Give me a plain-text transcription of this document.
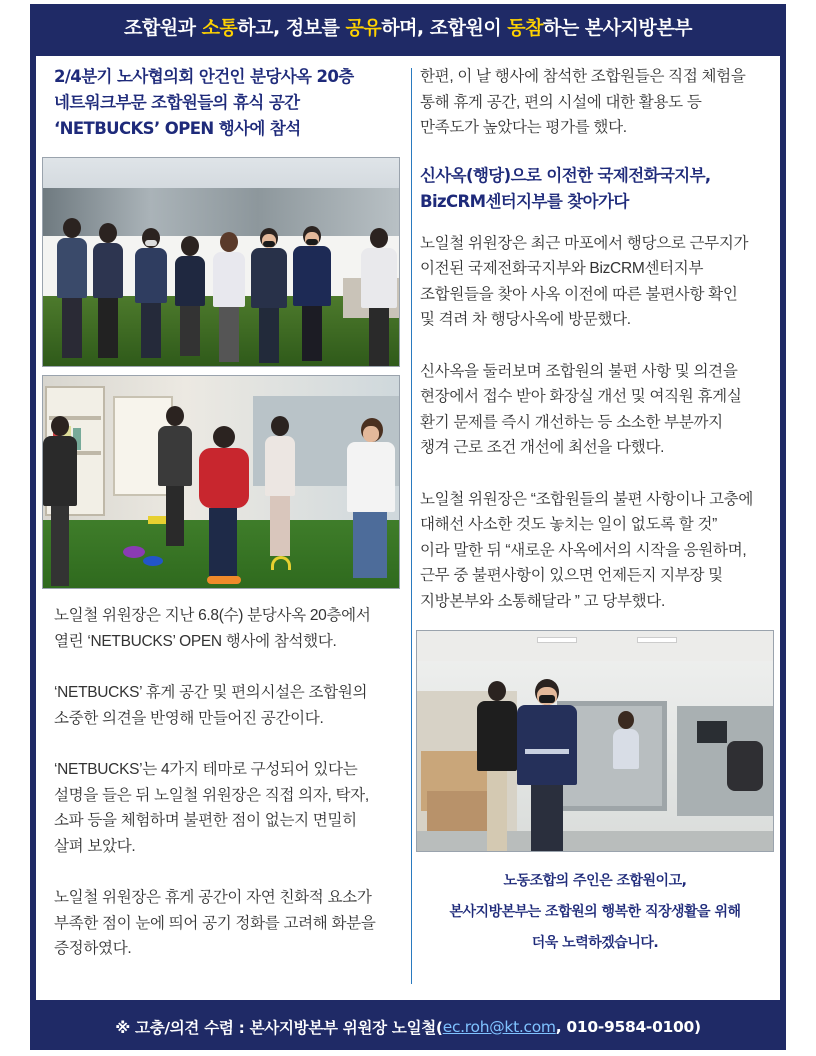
조합원과 소통하고, 정보를 공유하며, 조합원이 동참하는 본사지방본부
2/4분기 노사협의회 안건인 분당사옥 20층
네트워크부문 조합원들의 휴식 공간
‘NETBUCKS’ OPEN 행사에 참석
노일철 위원장은 지난 6.8(수) 분당사옥 20층에서
열린 ‘NETBUCKS’ OPEN 행사에 참석했다.
‘NETBUCKS’ 휴게 공간 및 편의시설은 조합원의
소중한 의견을 반영해 만들어진 공간이다.
‘NETBUCKS’는 4가지 테마로 구성되어 있다는
설명을 들은 뒤 노일철 위원장은 직접 의자, 탁자,
소파 등을 체험하며 불편한 점이 없는지 면밀히
살펴 보았다.
노일철 위원장은 휴게 공간이 자연 친화적 요소가
부족한 점이 눈에 띄어 공기 정화를 고려해 화분을
증정하였다.
한편, 이 날 행사에 참석한 조합원들은 직접 체험을
통해 휴게 공간, 편의 시설에 대한 활용도 등
만족도가 높았다는 평가를 했다.
신사옥(행당)으로 이전한 국제전화국지부,
BizCRM센터지부를 찾아가다
노일철 위원장은 최근 마포에서 행당으로 근무지가
이전된 국제전화국지부와 BizCRM센터지부
조합원들을 찾아 사옥 이전에 따른 불편사항 확인
및 격려 차 행당사옥에 방문했다.
신사옥을 둘러보며 조합원의 불편 사항 및 의견을
현장에서 접수 받아 화장실 개선 및 여직원 휴게실
환기 문제를 즉시 개선하는 등 소소한 부분까지
챙겨 근로 조건 개선에 최선을 다했다.
노일철 위원장은 “조합원들의 불편 사항이나 고충에
대해선 사소한 것도 놓치는 일이 없도록 할 것”
이라 말한 뒤 “새로운 사옥에서의 시작을 응원하며,
근무 중 불편사항이 있으면 언제든지 지부장 및
지방본부와 소통해달라 ” 고 당부했다.
노동조합의 주인은 조합원이고,
본사지방본부는 조합원의 행복한 직장생활을 위해
더욱 노력하겠습니다.
※ 고충/의견 수렴 : 본사지방본부 위원장 노일철( ec.roh@kt.com , 010-9584-0100)
